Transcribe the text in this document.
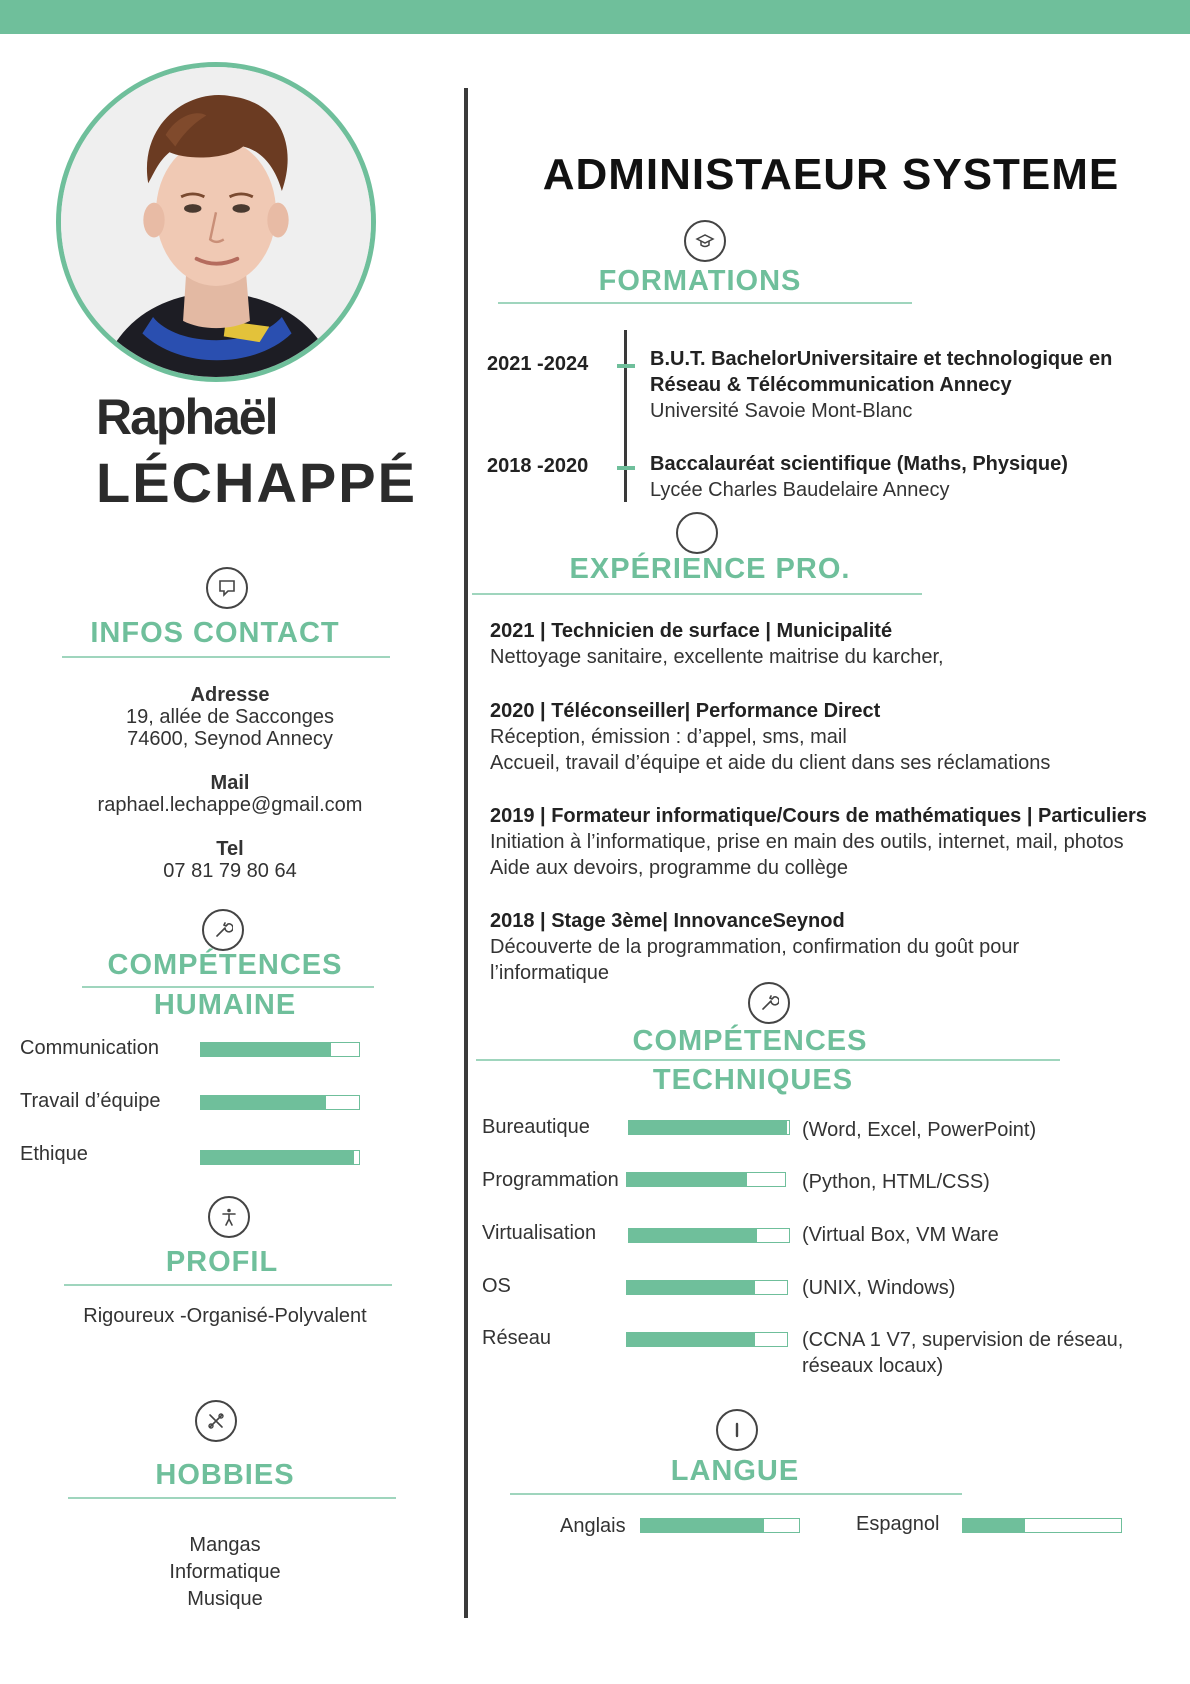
Raphaël
LÉCHAPPÉ
INFOS CONTACT
Adresse
19, allée de Sacconges
74600, Seynod Annecy
Mail
raphael.lechappe@gmail.com
Tel
07 81 79 80 64
COMPÉTENCES
HUMAINE
Communication
Travail d’équipe
Ethique
PROFIL
Rigoureux -Organisé-Polyvalent
HOBBIES
Mangas
Informatique
Musique
ADMINISTAEUR SYSTEME
FORMATIONS
2021 -2024	B.U.T. BachelorUniversitaire et technologique en
Réseau & Télécommunication Annecy
Université Savoie Mont-Blanc
2018 -2020	Baccalauréat scientifique (Maths, Physique)
Lycée Charles Baudelaire Annecy
EXPÉRIENCE PRO.
2021 | Technicien de surface | Municipalité
Nettoyage sanitaire, excellente maitrise du karcher,
2020 | Téléconseiller| Performance Direct
Réception, émission : d’appel, sms, mail
Accueil, travail d’équipe et aide du client dans ses réclamations
2019 | Formateur informatique/Cours de mathématiques | Particuliers
Initiation à l’informatique, prise en main des outils, internet, mail, photos
Aide aux devoirs, programme du collège
2018 | Stage 3ème| InnovanceSeynod
Découverte de la programmation, confirmation du goût pour
l’informatique
COMPÉTENCES
TECHNIQUES
Bureautique	(Word, Excel, PowerPoint)
Programmation	(Python, HTML/CSS)
Virtualisation	(Virtual Box, VM Ware
OS	(UNIX, Windows)
Réseau	(CCNA 1 V7, supervision de réseau,
réseaux locaux)
LANGUE
Anglais	Espagnol
